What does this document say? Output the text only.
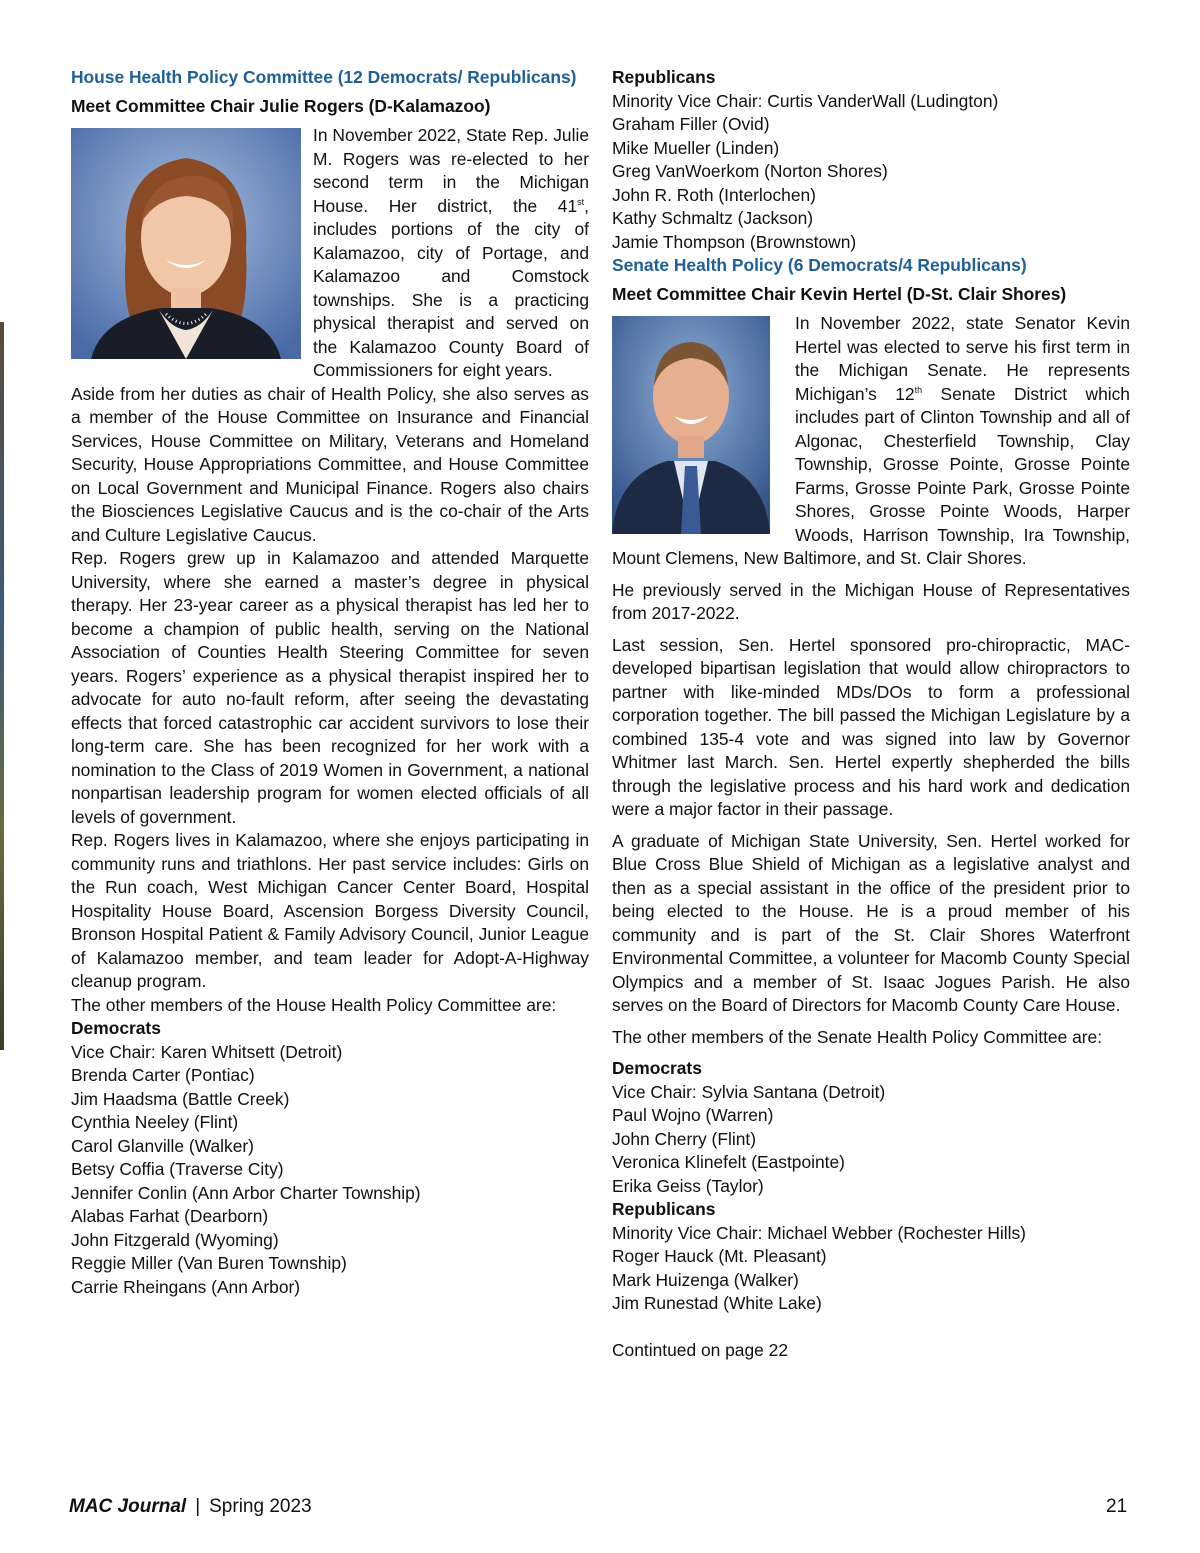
House Health Policy Committee (12 Democrats/ Republicans)
Meet Committee Chair Julie Rogers (D-Kalamazoo)

In November 2022, State Rep. Julie M. Rogers was re-elected to her second term in the Michigan House. Her district, the 41st, includes portions of the city of Kalamazoo, city of Portage, and Kalamazoo and Comstock townships. She is a practicing physical therapist and served on the Kalamazoo County Board of Commissioners for eight years.

Aside from her duties as chair of Health Policy, she also serves as a member of the House Committee on Insurance and Financial Services, House Committee on Military, Veterans and Homeland Security, House Appropriations Committee, and House Committee on Local Government and Municipal Finance. Rogers also chairs the Biosciences Legislative Caucus and is the co-chair of the Arts and Culture Legislative Caucus.

Rep. Rogers grew up in Kalamazoo and attended Marquette University, where she earned a master’s degree in physical therapy. Her 23-year career as a physical therapist has led her to become a champion of public health, serving on the National Association of Counties Health Steering Committee for seven years. Rogers’ experience as a physical therapist inspired her to advocate for auto no-fault reform, after seeing the devastating effects that forced catastrophic car accident survivors to lose their long-term care. She has been recognized for her work with a nomination to the Class of 2019 Women in Government, a national nonpartisan leadership program for women elected officials of all levels of government.

Rep. Rogers lives in Kalamazoo, where she enjoys participating in community runs and triathlons. Her past service includes: Girls on the Run coach, West Michigan Cancer Center Board, Hospital Hospitality House Board, Ascension Borgess Diversity Council, Bronson Hospital Patient & Family Advisory Council, Junior League of Kalamazoo member, and team leader for Adopt-A-Highway cleanup program.

The other members of the House Health Policy Committee are:

Democrats

Vice Chair: Karen Whitsett (Detroit)
Brenda Carter (Pontiac)
Jim Haadsma (Battle Creek)
Cynthia Neeley (Flint)
Carol Glanville (Walker)
Betsy Coffia (Traverse City)
Jennifer Conlin (Ann Arbor Charter Township)
Alabas Farhat (Dearborn)
John Fitzgerald (Wyoming)
Reggie Miller (Van Buren Township)
Carrie Rheingans (Ann Arbor)

Republicans

Minority Vice Chair: Curtis VanderWall (Ludington)
Graham Filler (Ovid)
Mike Mueller (Linden)
Greg VanWoerkom (Norton Shores)
John R. Roth (Interlochen)
Kathy Schmaltz (Jackson)
Jamie Thompson (Brownstown)
Senate Health Policy (6 Democrats/4 Republicans)
Meet Committee Chair Kevin Hertel (D-St. Clair Shores)

In November 2022, state Senator Kevin Hertel was elected to serve his first term in the Michigan Senate. He represents Michigan’s 12th Senate District which includes part of Clinton Township and all of Algonac, Chesterfield Township, Clay Township, Grosse Pointe, Grosse Pointe Farms, Grosse Pointe Park, Grosse Pointe Shores, Grosse Pointe Woods, Harper Woods, Harrison Township, Ira Township, Mount Clemens, New Baltimore, and St. Clair Shores.

He previously served in the Michigan House of Representatives from 2017-2022.

Last session, Sen. Hertel sponsored pro-chiropractic, MAC-developed bipartisan legislation that would allow chiropractors to partner with like-minded MDs/DOs to form a professional corporation together. The bill passed the Michigan Legislature by a combined 135-4 vote and was signed into law by Governor Whitmer last March. Sen. Hertel expertly shepherded the bills through the legislative process and his hard work and dedication were a major factor in their passage.

A graduate of Michigan State University, Sen. Hertel worked for Blue Cross Blue Shield of Michigan as a legislative analyst and then as a special assistant in the office of the president prior to being elected to the House. He is a proud member of his community and is part of the St. Clair Shores Waterfront Environmental Committee, a volunteer for Macomb County Special Olympics and a member of St. Isaac Jogues Parish. He also serves on the Board of Directors for Macomb County Care House.

The other members of the Senate Health Policy Committee are:

Democrats

Vice Chair: Sylvia Santana (Detroit)
Paul Wojno (Warren)
John Cherry (Flint)
Veronica Klinefelt (Eastpointe)
Erika Geiss (Taylor)

Republicans

Minority Vice Chair: Michael Webber (Rochester Hills)
Roger Hauck (Mt. Pleasant)
Mark Huizenga (Walker)
Jim Runestad (White Lake)

Contintued on page 22

MAC Journal | Spring 2023	21
